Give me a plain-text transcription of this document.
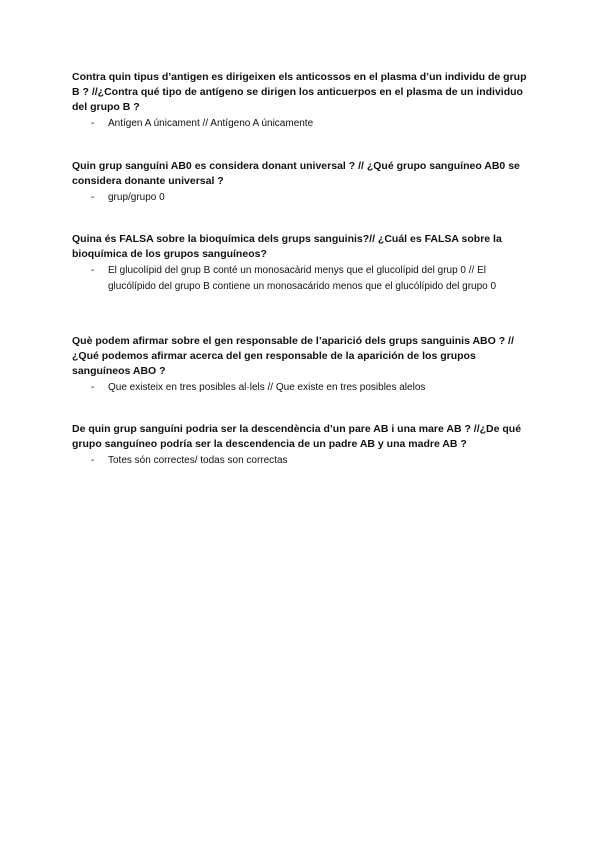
Contra quin tipus d’antigen es dirigeixen els anticossos en el plasma d’un individu de grup B ? //¿Contra qué tipo de antígeno se dirigen los anticuerpos en el plasma de un individuo del grupo B ?

- Antígen A únicament // Antígeno A únicamente

Quin grup sanguíni AB0 es considera donant universal ? // ¿Qué grupo sanguíneo AB0 se considera donante universal ?

- grup/grupo 0

Quina és FALSA sobre la bioquímica dels grups sanguinis?// ¿Cuál es FALSA sobre la bioquímica de los grupos sanguíneos?

- El glucolípid del grup B conté un monosacàrid menys que el glucolípid del grup 0 // El glucólípido del grupo B contiene un monosacárido menos que el glucólípido del grupo 0

Què podem afirmar sobre el gen responsable de l’aparició dels grups sanguinis ABO ? // ¿Qué podemos afirmar acerca del gen responsable de la aparición de los grupos sanguíneos ABO ?

- Que existeix en tres posibles al·lels // Que existe en tres posibles alelos

De quin grup sanguíni podria ser la descendència d’un pare AB i una mare AB ? //¿De qué grupo sanguíneo podría ser la descendencia de un padre AB y una madre AB ?

- Totes són correctes/ todas son correctas
